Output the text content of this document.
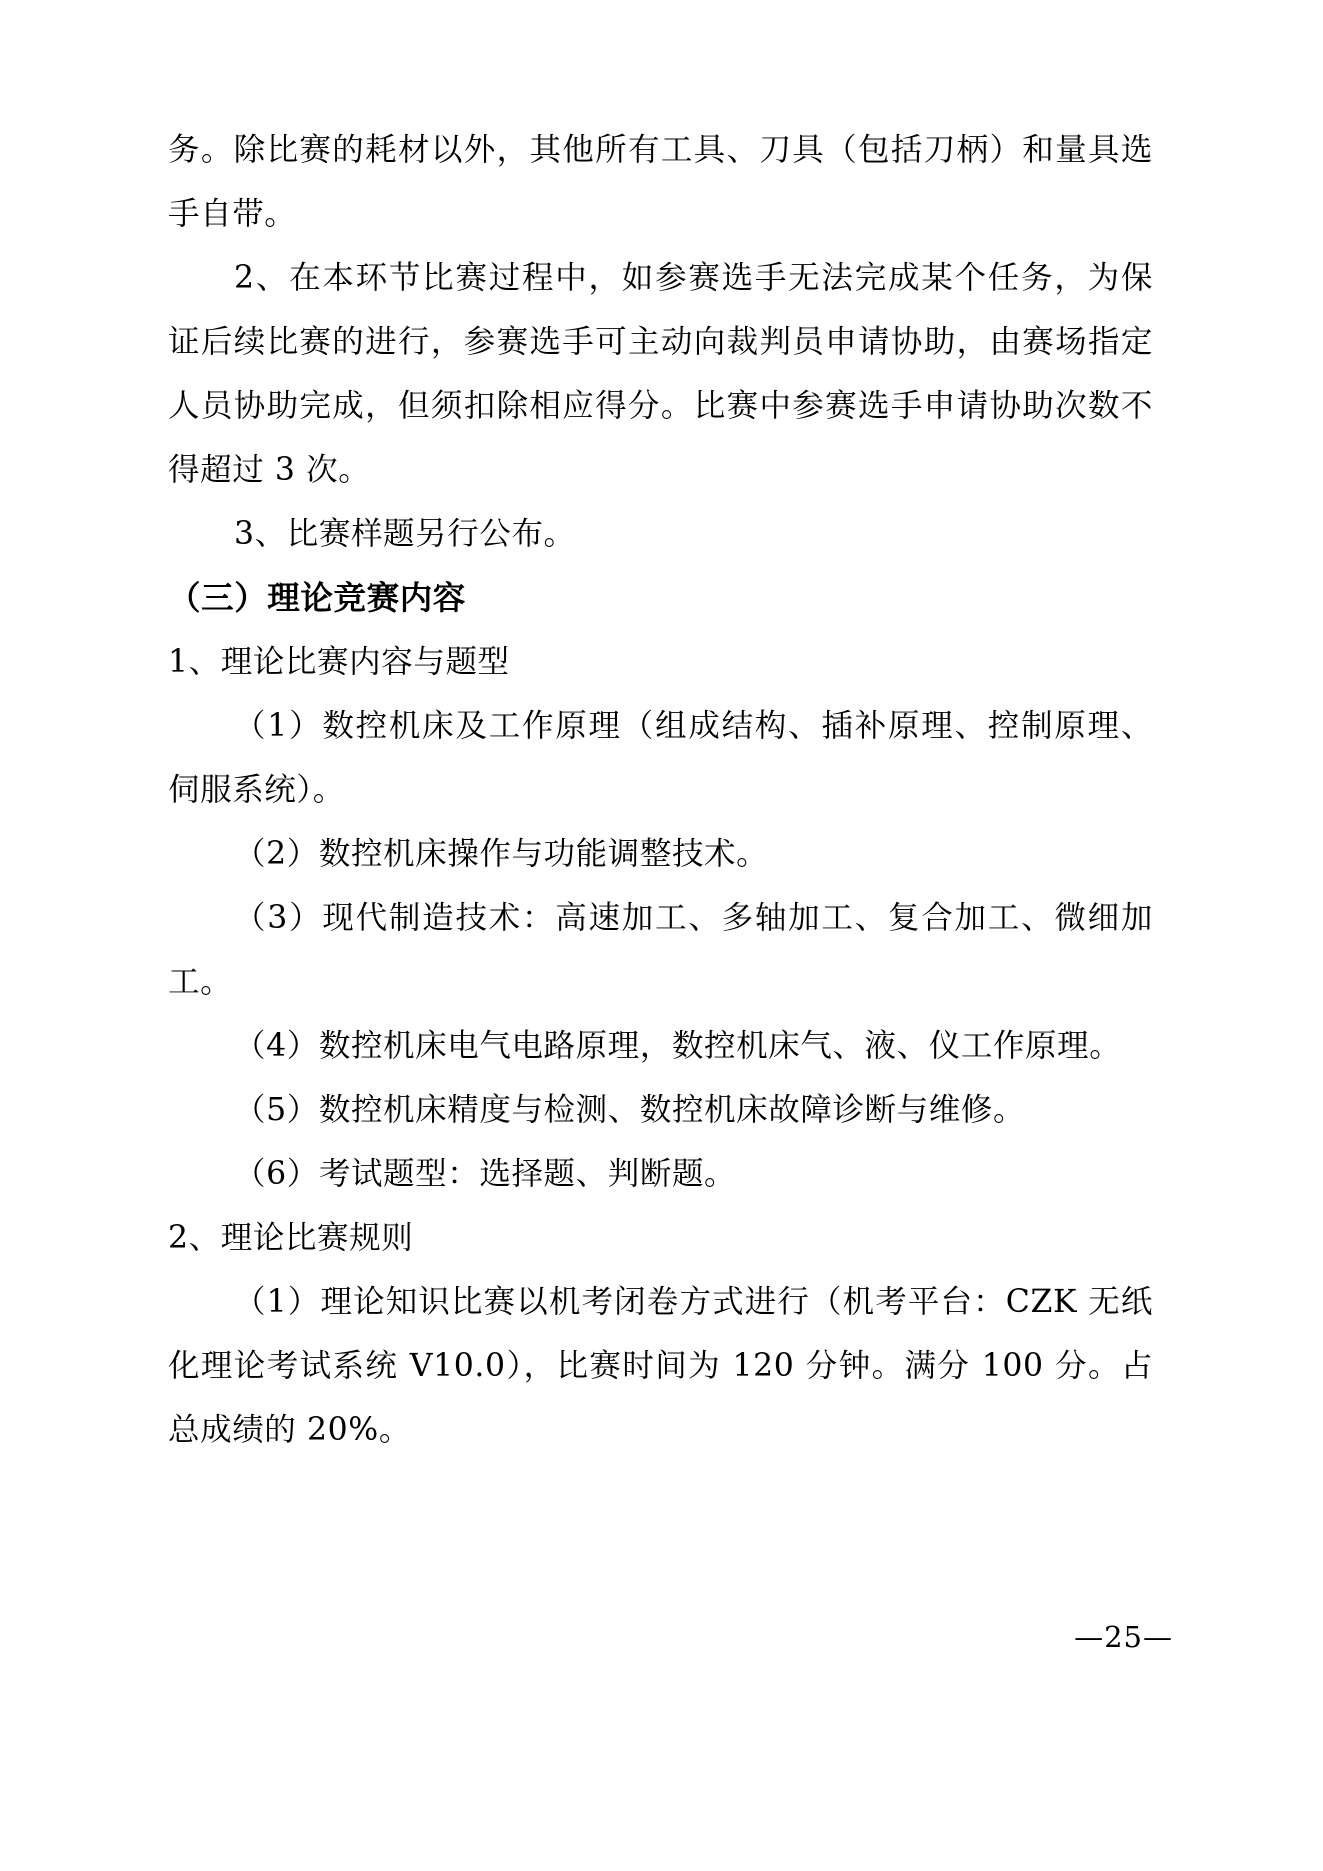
务。除比赛的耗材以外，其他所有工具、刀具（包括刀柄）和量具选手自带。

2、在本环节比赛过程中，如参赛选手无法完成某个任务，为保证后续比赛的进行，参赛选手可主动向裁判员申请协助，由赛场指定人员协助完成，但须扣除相应得分。比赛中参赛选手申请协助次数不得超过 3 次。

3、比赛样题另行公布。

（三）理论竞赛内容

1、理论比赛内容与题型

（1）数控机床及工作原理（组成结构、插补原理、控制原理、伺服系统）。

（2）数控机床操作与功能调整技术。

（3）现代制造技术：高速加工、多轴加工、复合加工、微细加工。

（4）数控机床电气电路原理，数控机床气、液、仪工作原理。

（5）数控机床精度与检测、数控机床故障诊断与维修。

（6）考试题型：选择题、判断题。

2、理论比赛规则

（1）理论知识比赛以机考闭卷方式进行（机考平台：CZK 无纸化理论考试系统 V10.0），比赛时间为 120 分钟。满分 100 分。占总成绩的 20%。

—25—
